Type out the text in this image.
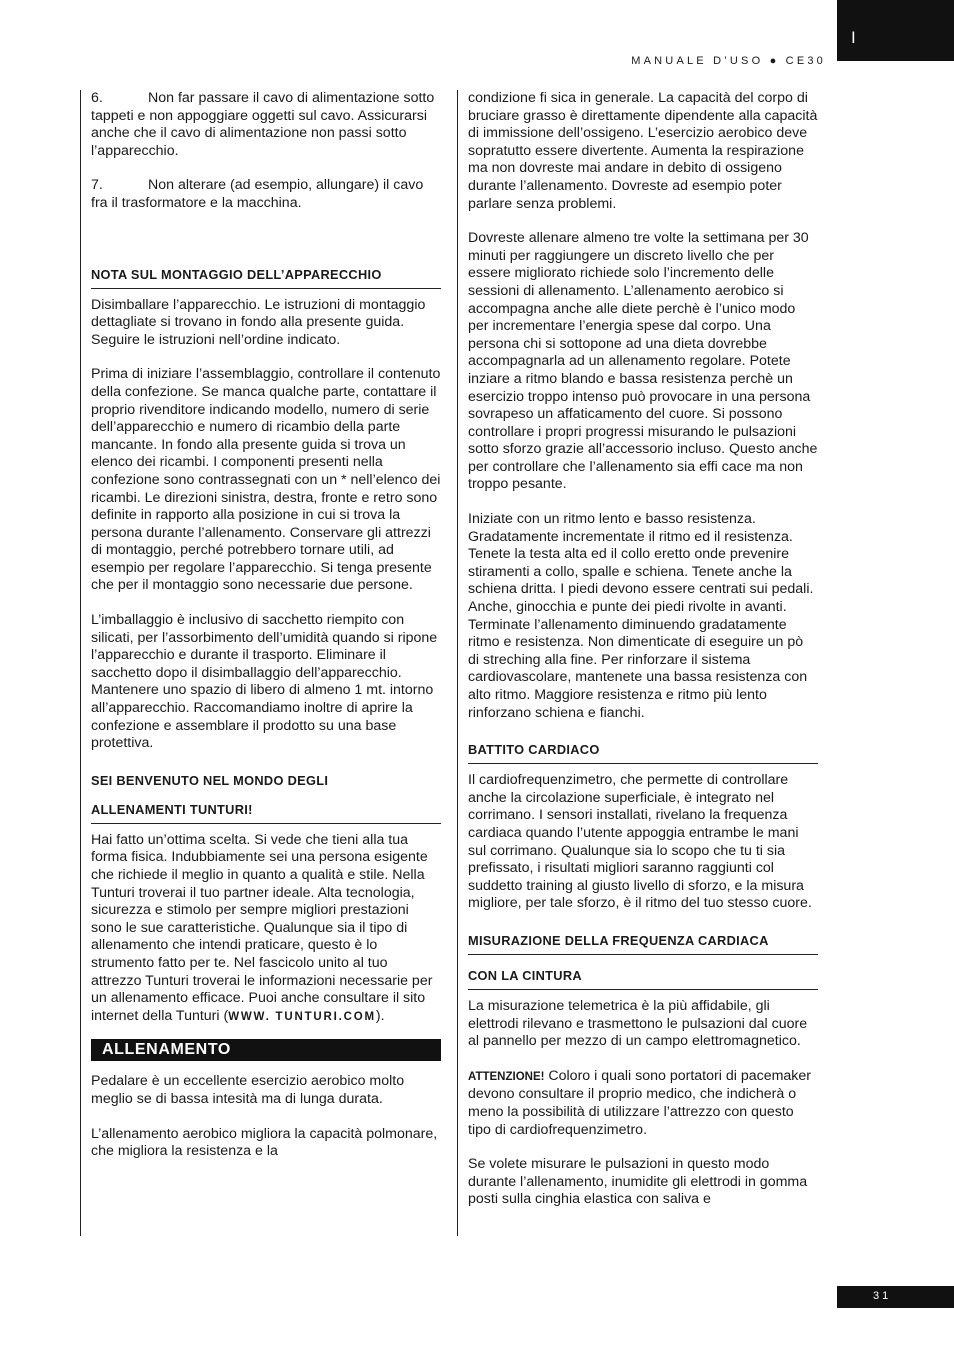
I
MANUALE D’USO ● CE30

6.	Non far passare il cavo di alimentazione sotto tappeti e non appoggiare oggetti sul cavo. Assicurarsi anche che il cavo di alimentazione non passi sotto l’apparecchio.

7.	Non alterare (ad esempio, allungare) il cavo fra il trasformatore e la macchina.

NOTA SUL MONTAGGIO DELL’APPARECCHIO

Disimballare l’apparecchio. Le istruzioni di montaggio dettagliate si trovano in fondo alla presente guida. Seguire le istruzioni nell’ordine indicato.

Prima di iniziare l’assemblaggio, controllare il contenuto della confezione. Se manca qualche parte, contattare il proprio rivenditore indicando modello, numero di serie dell’apparecchio e numero di ricambio della parte mancante. In fondo alla presente guida si trova un elenco dei ricambi. I componenti presenti nella confezione sono contrassegnati con un * nell’elenco dei ricambi. Le direzioni sinistra, destra, fronte e retro sono definite in rapporto alla posizione in cui si trova la persona durante l’allenamento. Conservare gli attrezzi di montaggio, perché potrebbero tornare utili, ad esempio per regolare l’apparecchio. Si tenga presente che per il montaggio sono necessarie due persone.

L’imballaggio è inclusivo di sacchetto riempito con silicati, per l’assorbimento dell’umidità quando si ripone l’apparecchio e durante il trasporto. Eliminare il sacchetto dopo il disimballaggio dell’apparecchio. Mantenere uno spazio di libero di almeno 1 mt. intorno all’apparecchio. Raccomandiamo inoltre di aprire la confezione e assemblare il prodotto su una base protettiva.

SEI BENVENUTO NEL MONDO DEGLI
ALLENAMENTI TUNTURI!

Hai fatto un’ottima scelta. Si vede che tieni alla tua forma fisica. Indubbiamente sei una persona esigente che richiede il meglio in quanto a qualità e stile. Nella Tunturi troverai il tuo partner ideale. Alta tecnologia, sicurezza e stimolo per sempre migliori prestazioni sono le sue caratteristiche. Qualunque sia il tipo di allenamento che intendi praticare, questo è lo strumento fatto per te. Nel fascicolo unito al tuo attrezzo Tunturi troverai le informazioni necessarie per un allenamento efficace. Puoi anche consultare il sito internet della Tunturi (WWW. TUNTURI.COM).

ALLENAMENTO

Pedalare è un eccellente esercizio aerobico molto meglio se di bassa intesità ma di lunga durata.

L’allenamento aerobico migliora la capacità polmonare, che migliora la resistenza e la

condizione fi sica in generale. La capacità del corpo di bruciare grasso è direttamente dipendente alla capacità di immissione dell’ossigeno. L’esercizio aerobico deve sopratutto essere divertente. Aumenta la respirazione ma non dovreste mai andare in debito di ossigeno durante l’allenamento. Dovreste ad esempio poter parlare senza problemi.

Dovreste allenare almeno tre volte la settimana per 30 minuti per raggiungere un discreto livello che per essere migliorato richiede solo l’incremento delle sessioni di allenamento. L’allenamento aerobico si accompagna anche alle diete perchè è l’unico modo per incrementare l’energia spese dal corpo. Una persona chi si sottopone ad una dieta dovrebbe accompagnarla ad un allenamento regolare. Potete inziare a ritmo blando e bassa resistenza perchè un esercizio troppo intenso può provocare in una persona sovrapeso un affaticamento del cuore. Si possono controllare i propri progressi misurando le pulsazioni sotto sforzo grazie all’accessorio incluso. Questo anche per controllare che l’allenamento sia effi cace ma non troppo pesante.

Iniziate con un ritmo lento e basso resistenza. Gradatamente incrementate il ritmo ed il resistenza. Tenete la testa alta ed il collo eretto onde prevenire stiramenti a collo, spalle e schiena. Tenete anche la schiena dritta. I piedi devono essere centrati sui pedali. Anche, ginocchia e punte dei piedi rivolte in avanti. Terminate l’allenamento diminuendo gradatamente ritmo e resistenza. Non dimenticate di eseguire un pò di streching alla fine. Per rinforzare il sistema cardiovascolare, mantenete una bassa resistenza con alto ritmo. Maggiore resistenza e ritmo più lento rinforzano schiena e fianchi.

BATTITO CARDIACO

Il cardiofrequenzimetro, che permette di controllare anche la circolazione superficiale, è integrato nel corrimano. I sensori installati, rivelano la frequenza cardiaca quando l’utente appoggia entrambe le mani sul corrimano. Qualunque sia lo scopo che tu ti sia prefissato, i risultati migliori saranno raggiunti col suddetto training al giusto livello di sforzo, e la misura migliore, per tale sforzo, è il ritmo del tuo stesso cuore.

MISURAZIONE DELLA FREQUENZA CARDIACA
CON LA CINTURA

La misurazione telemetrica è la più affidabile, gli elettrodi rilevano e trasmettono le pulsazioni dal cuore al pannello per mezzo di un campo elettromagnetico.

ATTENZIONE! Coloro i quali sono portatori di pacemaker devono consultare il proprio medico, che indicherà o meno la possibilità di utilizzare l’attrezzo con questo tipo di cardiofrequenzimetro.

Se volete misurare le pulsazioni in questo modo durante l’allenamento, inumidite gli elettrodi in gomma posti sulla cinghia elastica con saliva e

31
